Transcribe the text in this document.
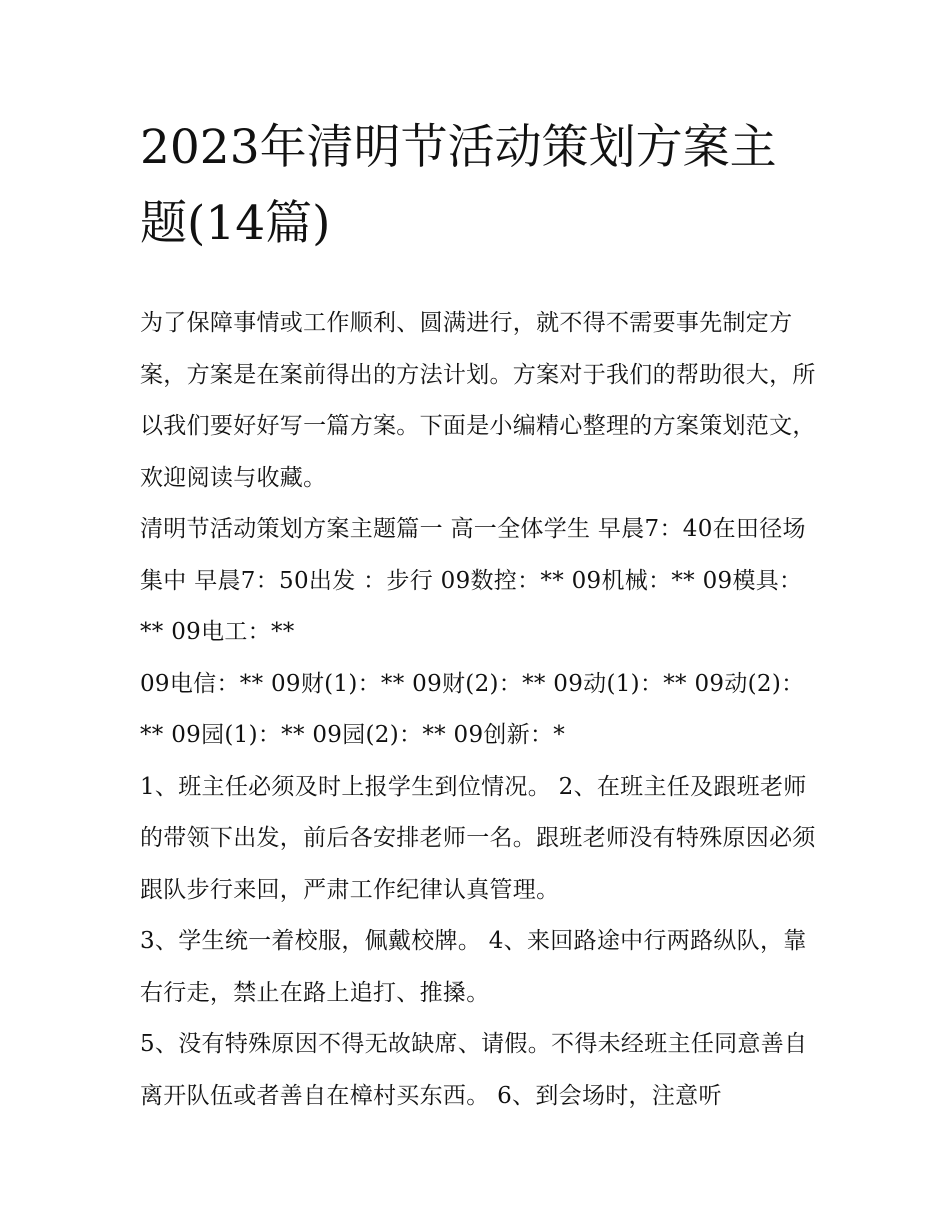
2023年清明节活动策划方案主题(14篇)

为了保障事情或工作顺利、圆满进行，就不得不需要事先制定方案，方案是在案前得出的方法计划。方案对于我们的帮助很大，所以我们要好好写一篇方案。下面是小编精心整理的方案策划范文，欢迎阅读与收藏。

清明节活动策划方案主题篇一 高一全体学生 早晨7：40在田径场集中 早晨7：50出发 ：步行 09数控：** 09机械：** 09模具：** 09电工：**

09电信：** 09财(1)：** 09财(2)：** 09动(1)：** 09动(2)：** 09园(1)：** 09园(2)：** 09创新：*

1、班主任必须及时上报学生到位情况。 2、在班主任及跟班老师的带领下出发，前后各安排老师一名。跟班老师没有特殊原因必须跟队步行来回，严肃工作纪律认真管理。

3、学生统一着校服，佩戴校牌。 4、来回路途中行两路纵队，靠右行走，禁止在路上追打、推搡。

5、没有特殊原因不得无故缺席、请假。不得未经班主任同意善自离开队伍或者善自在樟村买东西。 6、到会场时，注意听
